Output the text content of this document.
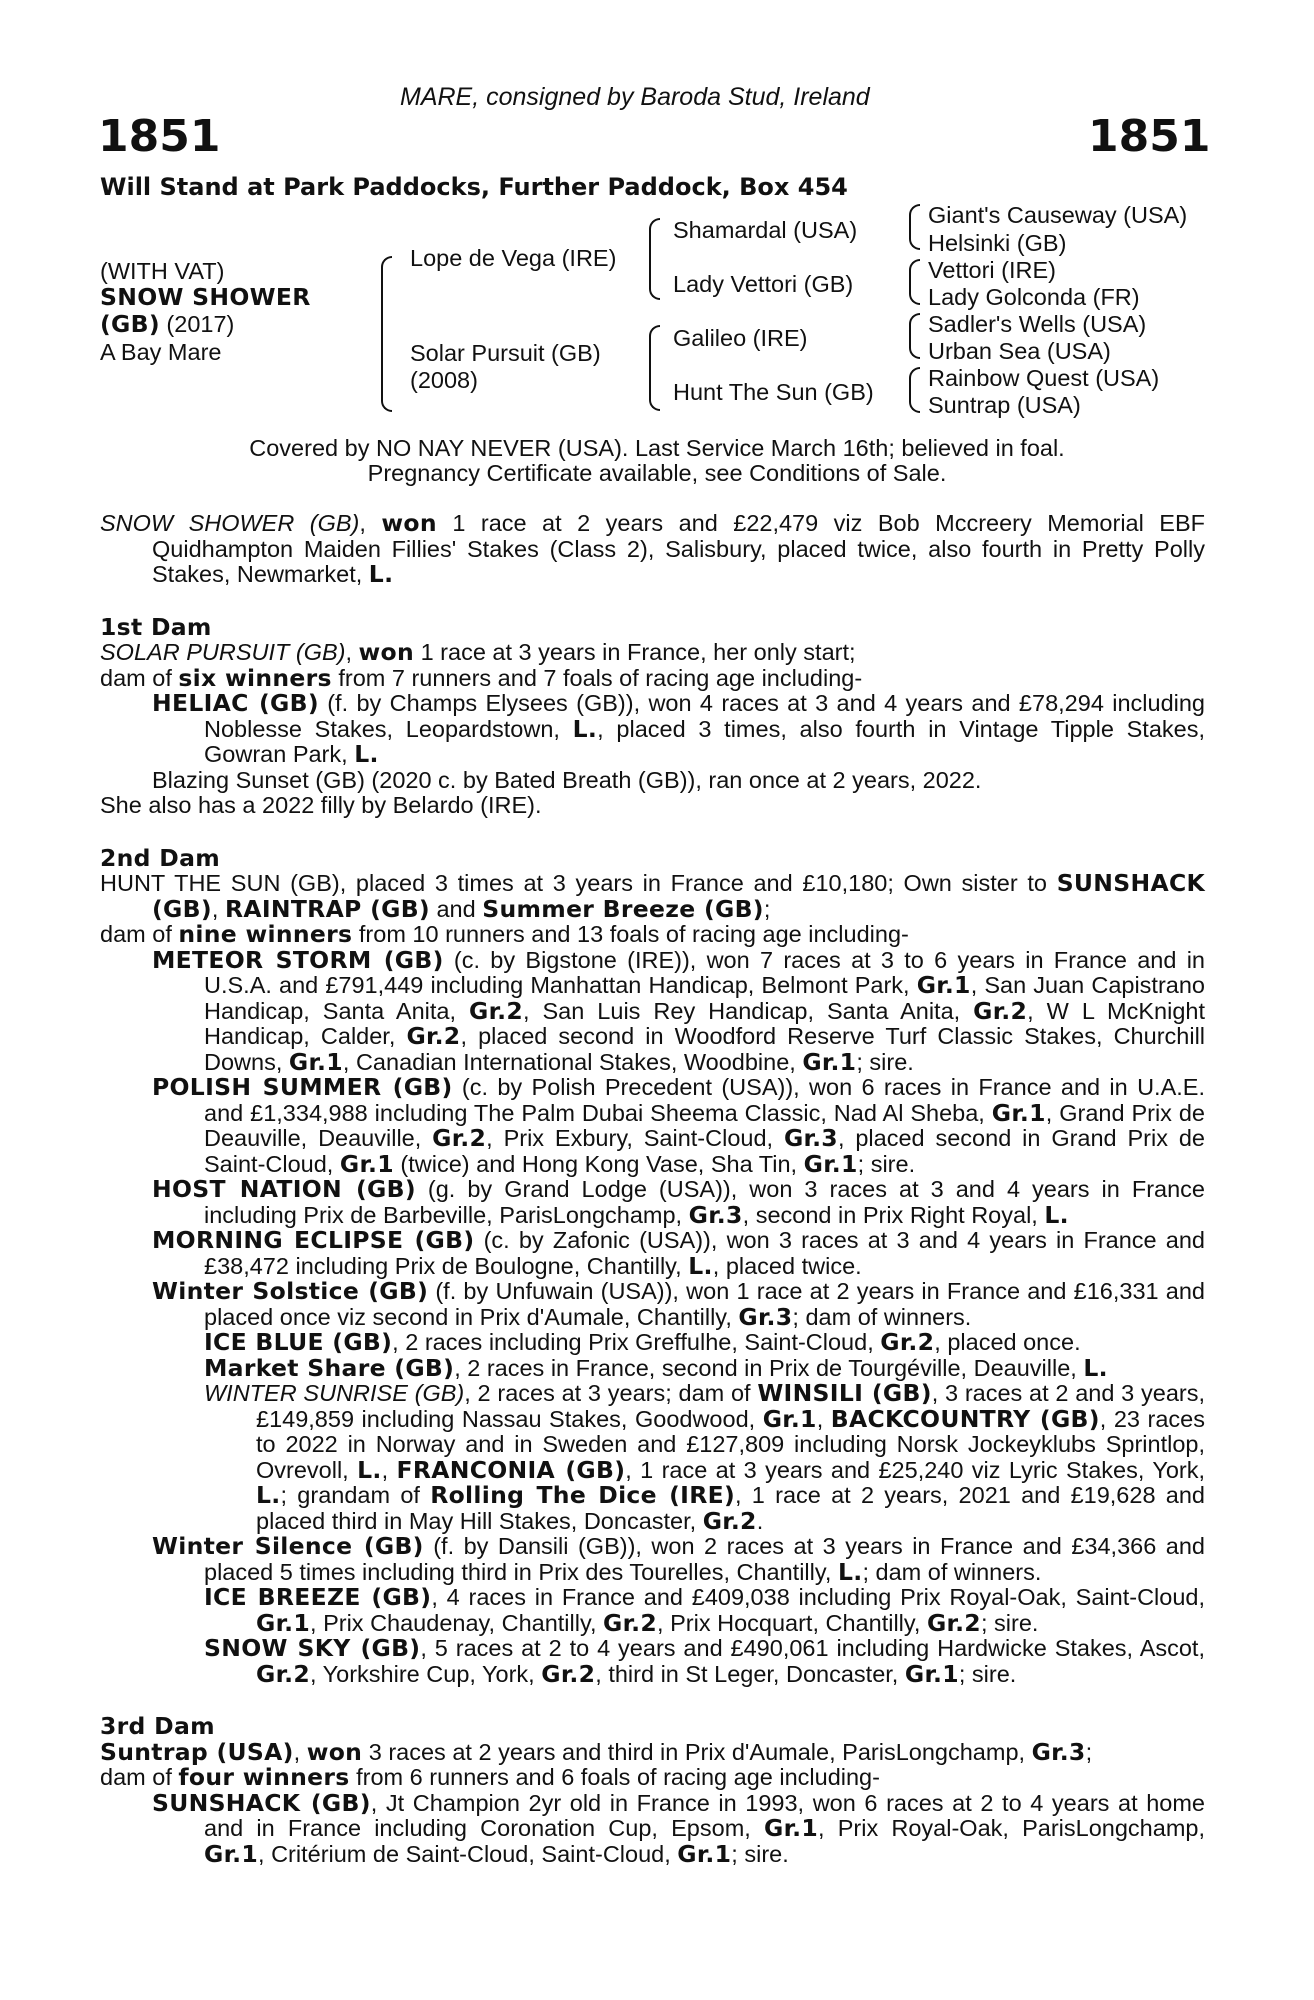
MARE, consigned by Baroda Stud, Ireland
1851	1851
Will Stand at Park Paddocks, Further Paddock, Box 454
(WITH VAT)
SNOW SHOWER
(GB) (2017)
A Bay Mare
Lope de Vega (IRE)
Solar Pursuit (GB)
(2008)
Shamardal (USA)
Lady Vettori (GB)
Galileo (IRE)
Hunt The Sun (GB)
Giant's Causeway (USA)
Helsinki (GB)
Vettori (IRE)
Lady Golconda (FR)
Sadler's Wells (USA)
Urban Sea (USA)
Rainbow Quest (USA)
Suntrap (USA)
Covered by NO NAY NEVER (USA). Last Service March 16th; believed in foal.
Pregnancy Certificate available, see Conditions of Sale.
SNOW SHOWER (GB), won 1 race at 2 years and £22,479 viz Bob Mccreery Memorial EBF Quidhampton Maiden Fillies' Stakes (Class 2), Salisbury, placed twice, also fourth in Pretty Polly Stakes, Newmarket, L.
1st Dam
SOLAR PURSUIT (GB), won 1 race at 3 years in France, her only start;
dam of six winners from 7 runners and 7 foals of racing age including-
HELIAC (GB) (f. by Champs Elysees (GB)), won 4 races at 3 and 4 years and £78,294 including Noblesse Stakes, Leopardstown, L., placed 3 times, also fourth in Vintage Tipple Stakes, Gowran Park, L.
Blazing Sunset (GB) (2020 c. by Bated Breath (GB)), ran once at 2 years, 2022.
She also has a 2022 filly by Belardo (IRE).
2nd Dam
HUNT THE SUN (GB), placed 3 times at 3 years in France and £10,180; Own sister to SUNSHACK (GB), RAINTRAP (GB) and Summer Breeze (GB);
dam of nine winners from 10 runners and 13 foals of racing age including-
METEOR STORM (GB) (c. by Bigstone (IRE)), won 7 races at 3 to 6 years in France and in U.S.A. and £791,449 including Manhattan Handicap, Belmont Park, Gr.1, San Juan Capistrano Handicap, Santa Anita, Gr.2, San Luis Rey Handicap, Santa Anita, Gr.2, W L McKnight Handicap, Calder, Gr.2, placed second in Woodford Reserve Turf Classic Stakes, Churchill Downs, Gr.1, Canadian International Stakes, Woodbine, Gr.1; sire.
POLISH SUMMER (GB) (c. by Polish Precedent (USA)), won 6 races in France and in U.A.E. and £1,334,988 including The Palm Dubai Sheema Classic, Nad Al Sheba, Gr.1, Grand Prix de Deauville, Deauville, Gr.2, Prix Exbury, Saint-Cloud, Gr.3, placed second in Grand Prix de Saint-Cloud, Gr.1 (twice) and Hong Kong Vase, Sha Tin, Gr.1; sire.
HOST NATION (GB) (g. by Grand Lodge (USA)), won 3 races at 3 and 4 years in France including Prix de Barbeville, ParisLongchamp, Gr.3, second in Prix Right Royal, L.
MORNING ECLIPSE (GB) (c. by Zafonic (USA)), won 3 races at 3 and 4 years in France and £38,472 including Prix de Boulogne, Chantilly, L., placed twice.
Winter Solstice (GB) (f. by Unfuwain (USA)), won 1 race at 2 years in France and £16,331 and placed once viz second in Prix d'Aumale, Chantilly, Gr.3; dam of winners.
ICE BLUE (GB), 2 races including Prix Greffulhe, Saint-Cloud, Gr.2, placed once.
Market Share (GB), 2 races in France, second in Prix de Tourgéville, Deauville, L.
WINTER SUNRISE (GB), 2 races at 3 years; dam of WINSILI (GB), 3 races at 2 and 3 years, £149,859 including Nassau Stakes, Goodwood, Gr.1, BACKCOUNTRY (GB), 23 races to 2022 in Norway and in Sweden and £127,809 including Norsk Jockeyklubs Sprintlop, Ovrevoll, L., FRANCONIA (GB), 1 race at 3 years and £25,240 viz Lyric Stakes, York, L.; grandam of Rolling The Dice (IRE), 1 race at 2 years, 2021 and £19,628 and placed third in May Hill Stakes, Doncaster, Gr.2.
Winter Silence (GB) (f. by Dansili (GB)), won 2 races at 3 years in France and £34,366 and placed 5 times including third in Prix des Tourelles, Chantilly, L.; dam of winners.
ICE BREEZE (GB), 4 races in France and £409,038 including Prix Royal-Oak, Saint-Cloud, Gr.1, Prix Chaudenay, Chantilly, Gr.2, Prix Hocquart, Chantilly, Gr.2; sire.
SNOW SKY (GB), 5 races at 2 to 4 years and £490,061 including Hardwicke Stakes, Ascot, Gr.2, Yorkshire Cup, York, Gr.2, third in St Leger, Doncaster, Gr.1; sire.
3rd Dam
Suntrap (USA), won 3 races at 2 years and third in Prix d'Aumale, ParisLongchamp, Gr.3;
dam of four winners from 6 runners and 6 foals of racing age including-
SUNSHACK (GB), Jt Champion 2yr old in France in 1993, won 6 races at 2 to 4 years at home and in France including Coronation Cup, Epsom, Gr.1, Prix Royal-Oak, ParisLongchamp, Gr.1, Critérium de Saint-Cloud, Saint-Cloud, Gr.1; sire.
